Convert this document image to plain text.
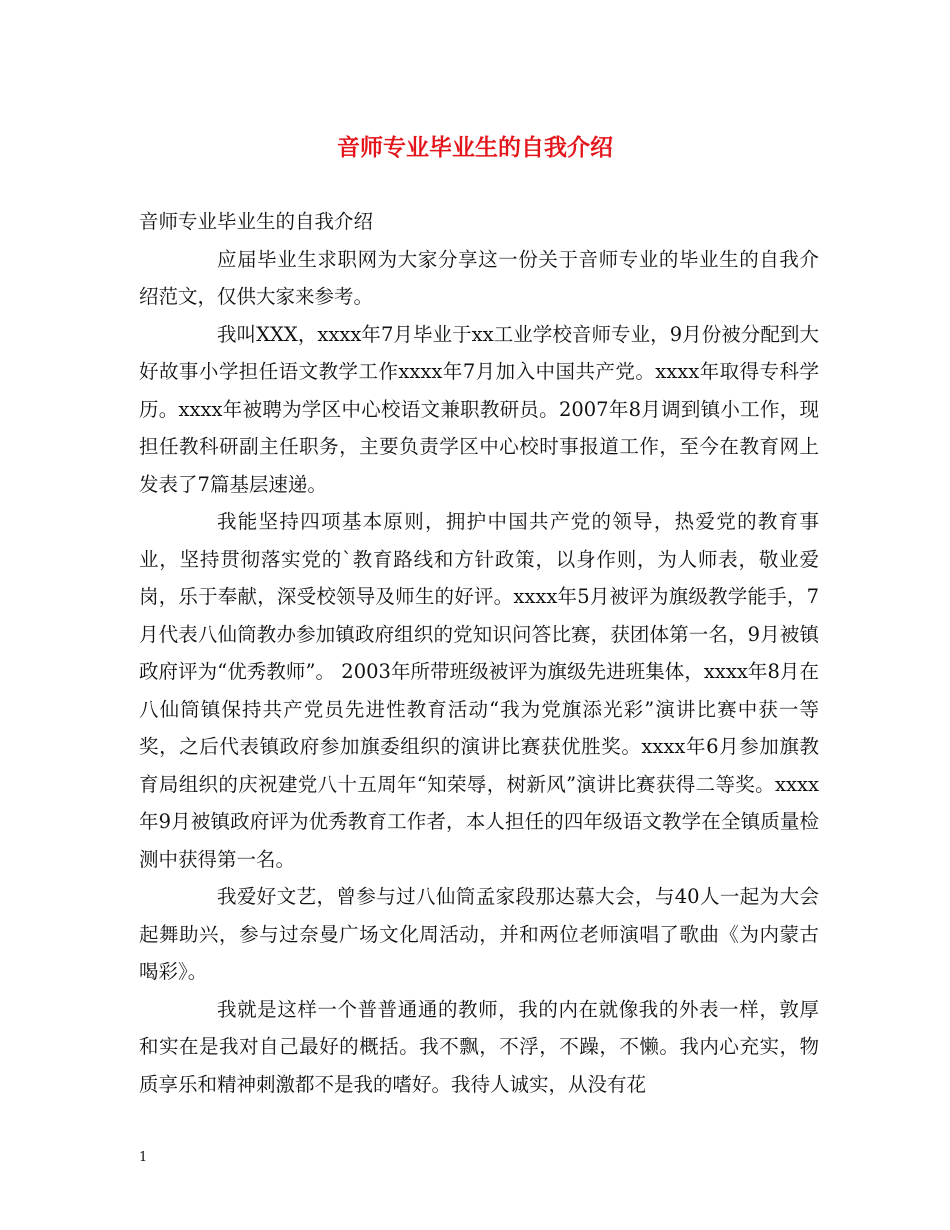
音师专业毕业生的自我介绍

音师专业毕业生的自我介绍

应届毕业生求职网为大家分享这一份关于音师专业的毕业生的自我介绍范文，仅供大家来参考。

我叫XXX，xxxx年7月毕业于xx工业学校音师专业，9月份被分配到大好故事小学担任语文教学工作xxxx年7月加入中国共产党。xxxx年取得专科学历。xxxx年被聘为学区中心校语文兼职教研员。2007年8月调到镇小工作，现担任教科研副主任职务，主要负责学区中心校时事报道工作，至今在教育网上发表了7篇基层速递。

我能坚持四项基本原则，拥护中国共产党的领导，热爱党的教育事业，坚持贯彻落实党的`教育路线和方针政策，以身作则，为人师表，敬业爱岗，乐于奉献，深受校领导及师生的好评。xxxx年5月被评为旗级教学能手，7月代表八仙筒教办参加镇政府组织的党知识问答比赛，获团体第一名，9月被镇政府评为“优秀教师”。 2003年所带班级被评为旗级先进班集体，xxxx年8月在八仙筒镇保持共产党员先进性教育活动“我为党旗添光彩”演讲比赛中获一等奖，之后代表镇政府参加旗委组织的演讲比赛获优胜奖。xxxx年6月参加旗教育局组织的庆祝建党八十五周年“知荣辱，树新风”演讲比赛获得二等奖。xxxx年9月被镇政府评为优秀教育工作者，本人担任的四年级语文教学在全镇质量检测中获得第一名。

我爱好文艺，曾参与过八仙筒孟家段那达慕大会，与40人一起为大会起舞助兴，参与过奈曼广场文化周活动，并和两位老师演唱了歌曲《为内蒙古喝彩》。

我就是这样一个普普通通的教师，我的内在就像我的外表一样，敦厚和实在是我对自己最好的概括。我不飘，不浮，不躁，不懒。我内心充实，物质享乐和精神刺激都不是我的嗜好。我待人诚实，从没有花

1
